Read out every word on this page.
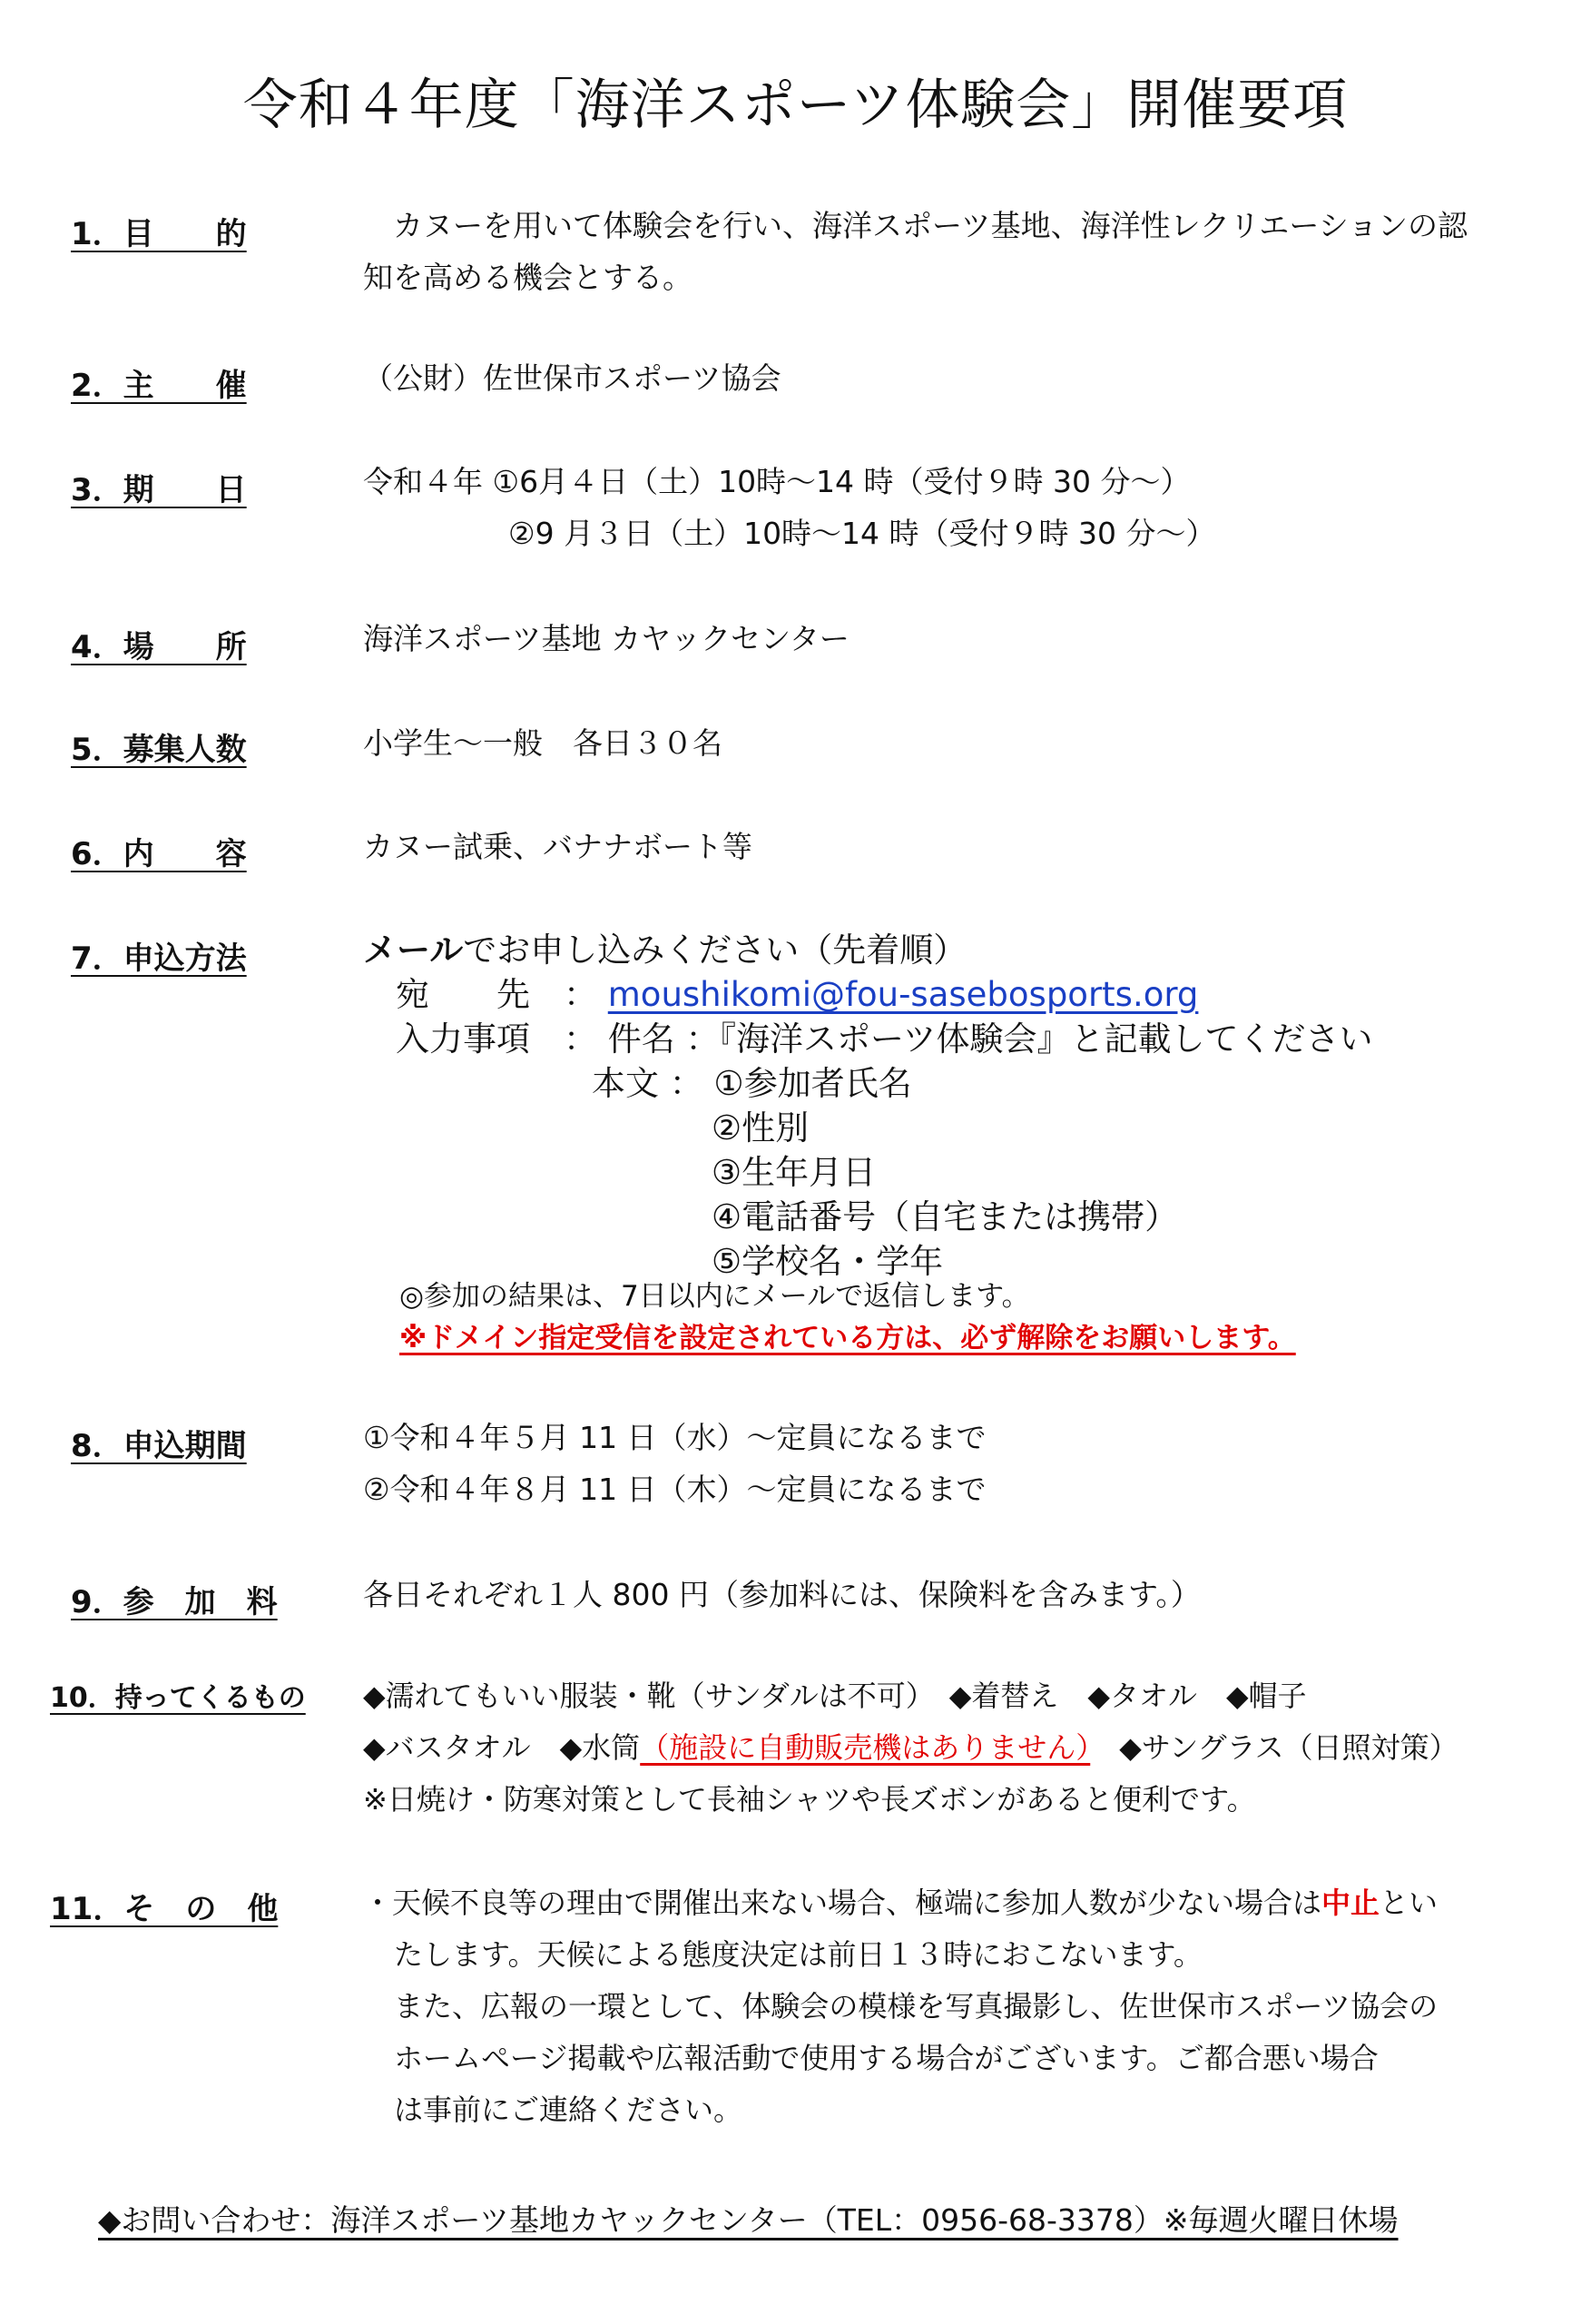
令和４年度「海洋スポーツ体験会」開催要項
1．目　　的	　カヌーを用いて体験会を行い、海洋スポーツ基地、海洋性レクリエーションの認
知を高める機会とする。
2．主　　催	（公財）佐世保市スポーツ協会
3．期　　日	令和４年 ①6月４日（土）10時～14 時（受付９時 30 分～）
②9 月３日（土）10時～14 時（受付９時 30 分～）
4．場　　所	海洋スポーツ基地 カヤックセンター
5．募集人数	小学生～一般　各日３０名
6．内　　容	カヌー試乗、バナナボート等
7．申込方法	メールでお申し込みください（先着順）
宛　　先　： moushikomi@fou-sasebosports.org
入力事項　： 件名 ：『海洋スポーツ体験会』と記載してください
本文 ： ①参加者氏名
②性別
③生年月日
④電話番号（自宅または携帯）
⑤学校名・学年
◎参加の結果は、7日以内にメールで返信します。
※ドメイン指定受信を設定されている方は、必ず解除をお願いします。
8．申込期間	①令和４年５月 11 日（水）～定員になるまで
②令和４年８月 11 日（木）～定員になるまで
9．参　加　料	各日それぞれ１人 800 円（参加料には、保険料を含みます。）
10．持ってくるもの ◆濡れてもいい服装・靴（サンダルは不可）　◆着替え　◆タオル　◆帽子
◆バスタオル　◆水筒（施設に自動販売機はありません）　◆サングラス（日照対策）
※日焼け・防寒対策として長袖シャツや長ズボンがあると便利です。
11．そ　の　他	・天候不良等の理由で開催出来ない場合、極端に参加人数が少ない場合は中止とい
たします。天候による態度決定は前日１３時におこないます。
また、広報の一環として、体験会の模様を写真撮影し、佐世保市スポーツ協会の
ホームページ掲載や広報活動で使用する場合がございます。ご都合悪い場合
は事前にご連絡ください。
◆お問い合わせ：海洋スポーツ基地カヤックセンター（TEL：0956-68-3378）※毎週火曜日休場
